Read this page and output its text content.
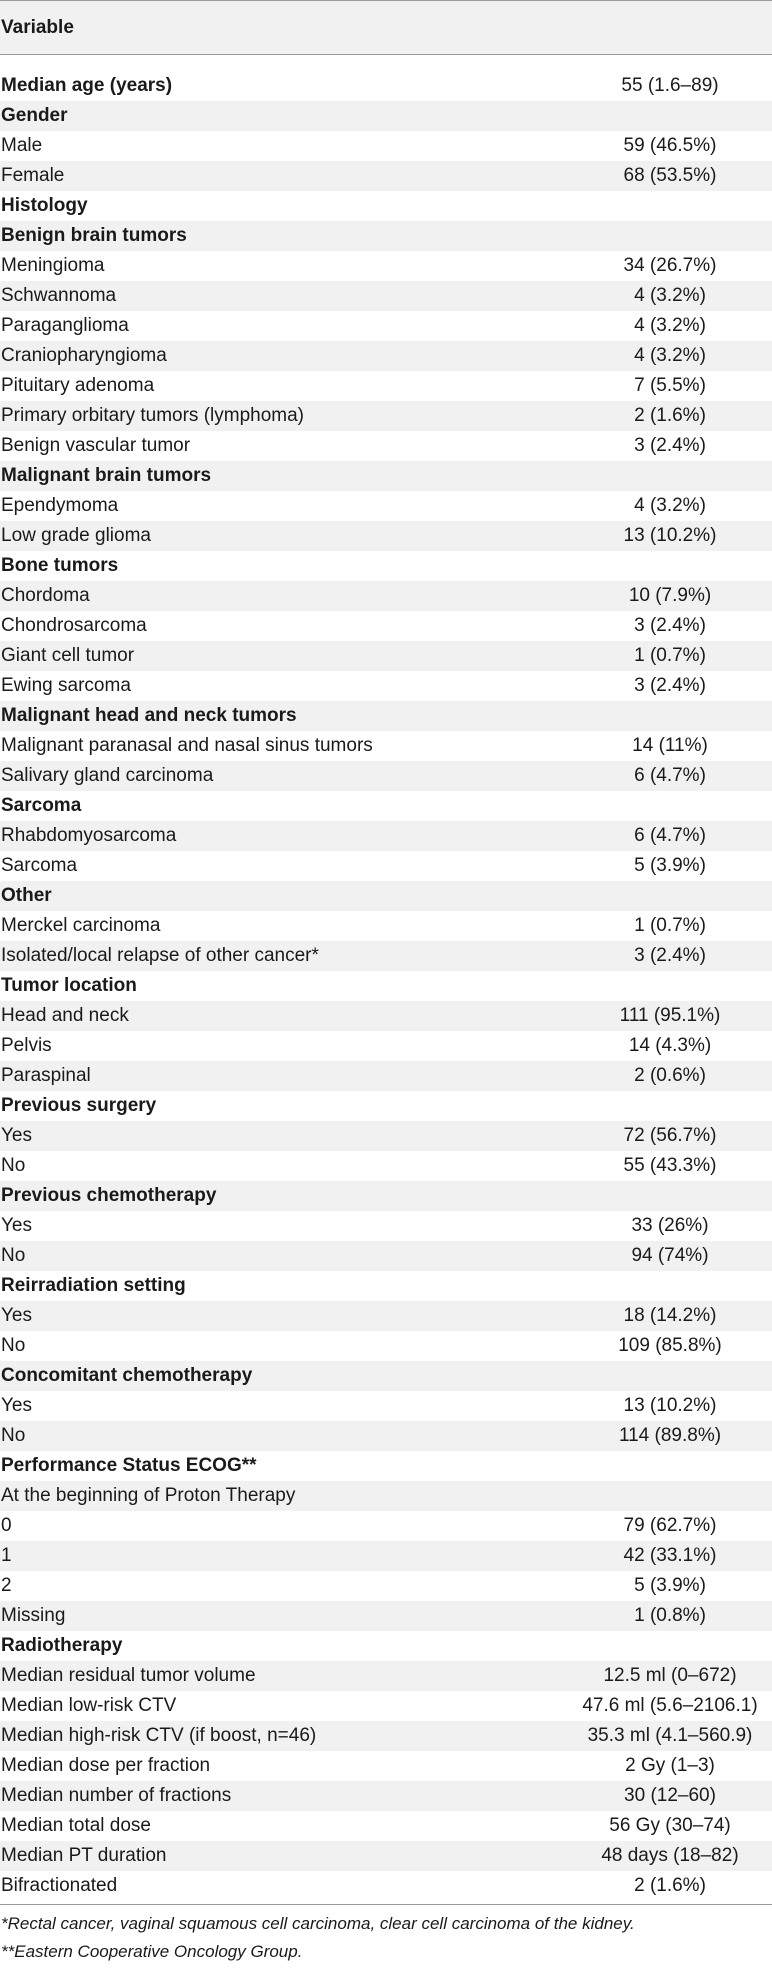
Variable
Median age (years)	55 (1.6–89)
Gender
Male	59 (46.5%)
Female	68 (53.5%)
Histology
Benign brain tumors
Meningioma	34 (26.7%)
Schwannoma	4 (3.2%)
Paraganglioma	4 (3.2%)
Craniopharyngioma	4 (3.2%)
Pituitary adenoma	7 (5.5%)
Primary orbitary tumors (lymphoma)	2 (1.6%)
Benign vascular tumor	3 (2.4%)
Malignant brain tumors
Ependymoma	4 (3.2%)
Low grade glioma	13 (10.2%)
Bone tumors
Chordoma	10 (7.9%)
Chondrosarcoma	3 (2.4%)
Giant cell tumor	1 (0.7%)
Ewing sarcoma	3 (2.4%)
Malignant head and neck tumors
Malignant paranasal and nasal sinus tumors	14 (11%)
Salivary gland carcinoma	6 (4.7%)
Sarcoma
Rhabdomyosarcoma	6 (4.7%)
Sarcoma	5 (3.9%)
Other
Merckel carcinoma	1 (0.7%)
Isolated/local relapse of other cancer*	3 (2.4%)
Tumor location
Head and neck	111 (95.1%)
Pelvis	14 (4.3%)
Paraspinal	2 (0.6%)
Previous surgery
Yes	72 (56.7%)
No	55 (43.3%)
Previous chemotherapy
Yes	33 (26%)
No	94 (74%)
Reirradiation setting
Yes	18 (14.2%)
No	109 (85.8%)
Concomitant chemotherapy
Yes	13 (10.2%)
No	114 (89.8%)
Performance Status ECOG**
At the beginning of Proton Therapy
0	79 (62.7%)
1	42 (33.1%)
2	5 (3.9%)
Missing	1 (0.8%)
Radiotherapy
Median residual tumor volume	12.5 ml (0–672)
Median low-risk CTV	47.6 ml (5.6–2106.1)
Median high-risk CTV (if boost, n=46)	35.3 ml (4.1–560.9)
Median dose per fraction	2 Gy (1–3)
Median number of fractions	30 (12–60)
Median total dose	56 Gy (30–74)
Median PT duration	48 days (18–82)
Bifractionated	2 (1.6%)
*Rectal cancer, vaginal squamous cell carcinoma, clear cell carcinoma of the kidney.
**Eastern Cooperative Oncology Group.
